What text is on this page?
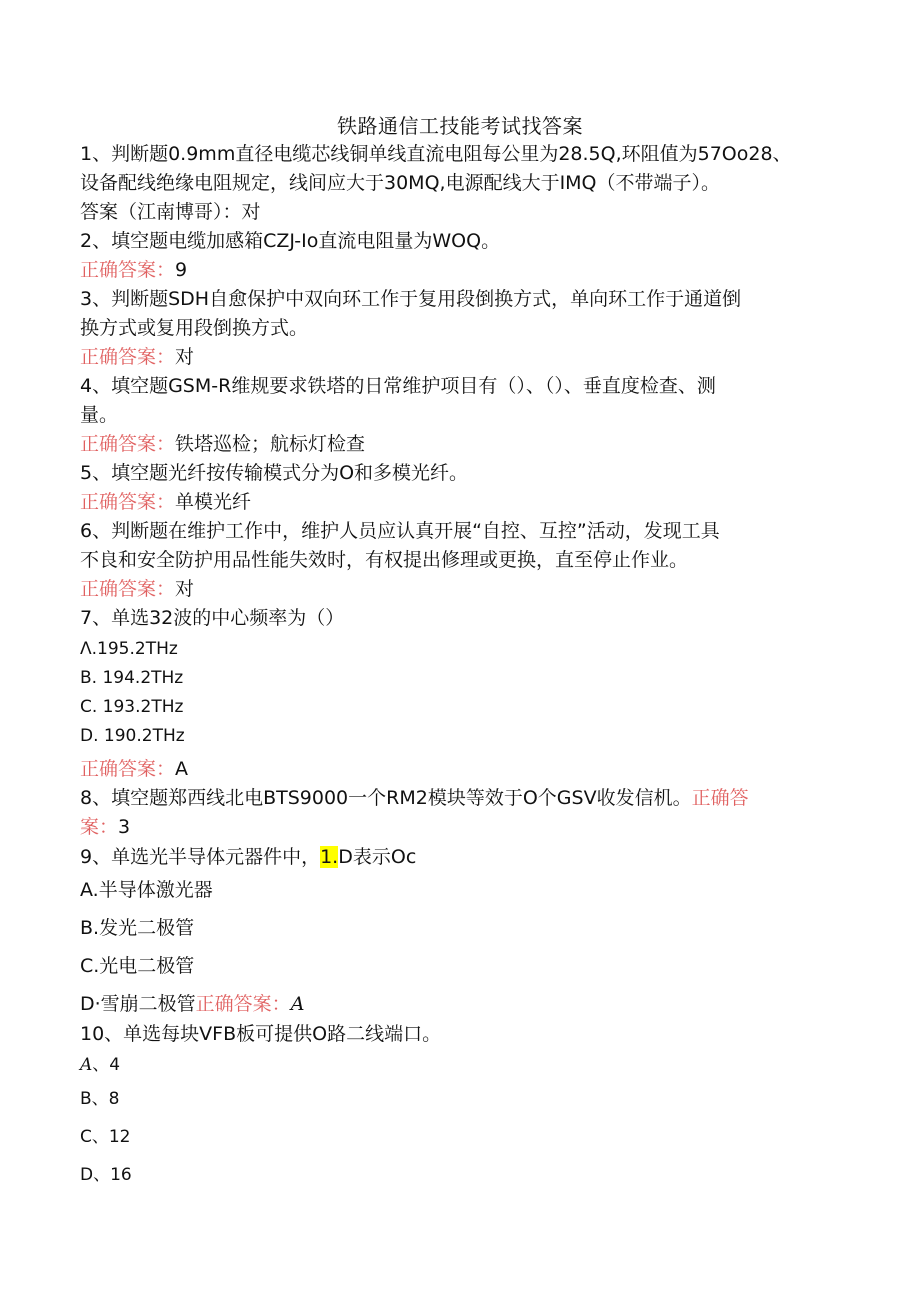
铁路通信工技能考试找答案
1、判断题0.9mm直径电缆芯线铜单线直流电阻每公里为28.5Q,环阻值为57Oo28、
设备配线绝缘电阻规定，线间应大于30MQ,电源配线大于IMQ（不带端子）。
答案（江南博哥）：对
2、填空题电缆加感箱CZJ-Io直流电阻量为WOQ。
正确答案：9
3、判断题SDH自愈保护中双向环工作于复用段倒换方式，单向环工作于通道倒
换方式或复用段倒换方式。
正确答案：对
4、填空题GSM-R维规要求铁塔的日常维护项目有（）、（）、垂直度检查、测
量。
正确答案：铁塔巡检；航标灯检查
5、填空题光纤按传输模式分为O和多模光纤。
正确答案：单模光纤
6、判断题在维护工作中，维护人员应认真开展“自控、互控”活动，发现工具
不良和安全防护用品性能失效时，有权提出修理或更换，直至停止作业。
正确答案：对
7、单选32波的中心频率为（）
Λ.195.2THz
B. 194.2THz
C. 193.2THz
D. 190.2THz
正确答案：A
8、填空题郑西线北电BTS9000一个RM2模块等效于O个GSV收发信机。正确答
案：3
9、单选光半导体元器件中，1.D表示Oc
A.半导体激光器
B.发光二极管
C.光电二极管
D·雪崩二极管正确答案：A
10、单选每块VFB板可提供O路二线端口。
A、4
B、8
C、12
D、16
